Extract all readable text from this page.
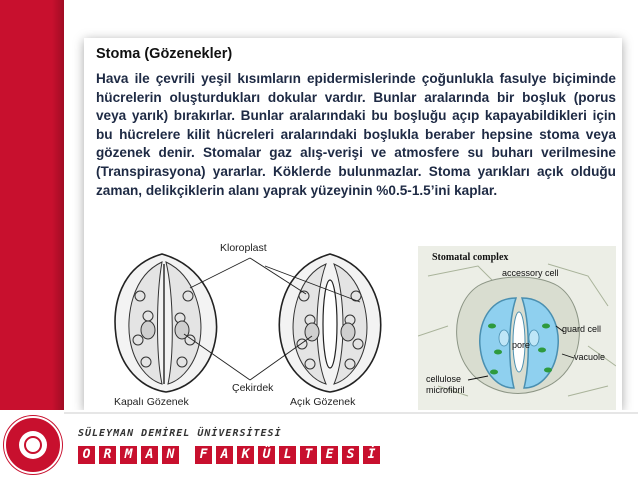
Stoma (Gözenekler)
Hava ile çevrili yeşil kısımların epidermislerinde çoğunlukla fasulye biçiminde hücrelerin oluşturdukları dokular vardır. Bunlar aralarında bir boşluk (porus veya yarık) bırakırlar. Bunlar aralarındaki bu boşluğu açıp kapayabildikleri için bu hücrelere kilit hücreleri aralarındaki boşlukla beraber hepsine stoma veya gözenek denir. Stomalar gaz alış-verişi ve atmosfere su buharı verilmesine (Transpirasyona) yararlar. Köklerde bulunmazlar. Stoma yarıkları açık olduğu zaman, delikçiklerin alanı yaprak yüzeyinin %0.5-1.5’ini kaplar.
Kloroplast
Çekirdek
Kapalı Gözenek	Açık Gözenek
Stomatal complex
accessory cell
guard cell
pore
vacuole
cellulose microfibril
SÜLEYMAN DEMİREL ÜNİVERSİTESİ
O	R	M	A	N	F	A	K	Ü	L	T	E	S	İ
